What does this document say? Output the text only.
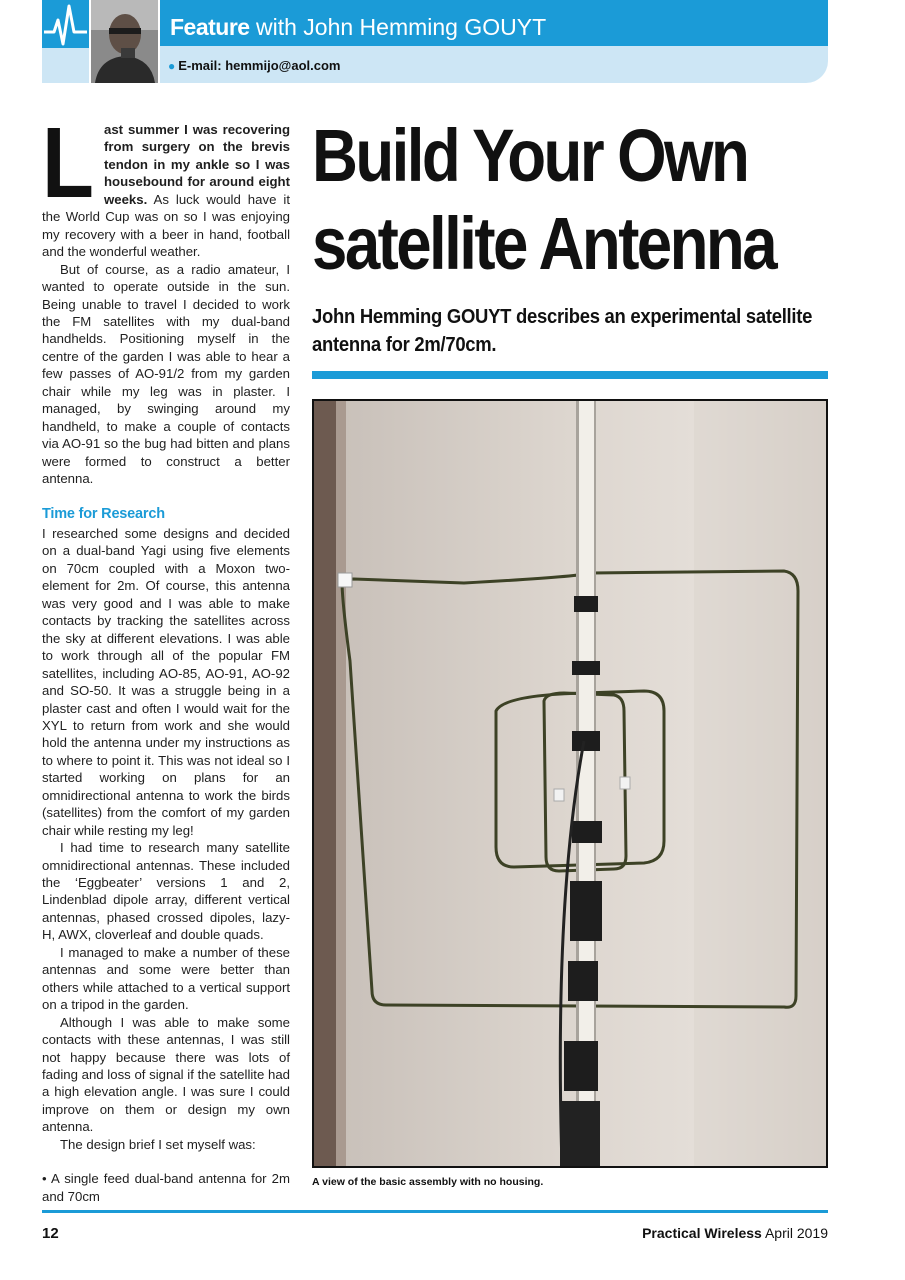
Feature with John Hemming GOUYT
● E-mail: hemmijo@aol.com

Last summer I was recovering from surgery on the brevis tendon in my ankle so I was housebound for around eight weeks. As luck would have it the World Cup was on so I was enjoying my recovery with a beer in hand, football and the wonderful weather.

But of course, as a radio amateur, I wanted to operate outside in the sun. Being unable to travel I decided to work the FM satellites with my dual-band handhelds. Positioning myself in the centre of the garden I was able to hear a few passes of AO-91/2 from my garden chair while my leg was in plaster. I managed, by swinging around my handheld, to make a couple of contacts via AO-91 so the bug had bitten and plans were formed to construct a better antenna.

Time for Research

I researched some designs and decided on a dual-band Yagi using five elements on 70cm coupled with a Moxon two-element for 2m. Of course, this antenna was very good and I was able to make contacts by tracking the satellites across the sky at different elevations. I was able to work through all of the popular FM satellites, including AO-85, AO-91, AO-92 and SO-50. It was a struggle being in a plaster cast and often I would wait for the XYL to return from work and she would hold the antenna under my instructions as to where to point it. This was not ideal so I started working on plans for an omnidirectional antenna to work the birds (satellites) from the comfort of my garden chair while resting my leg!

I had time to research many satellite omnidirectional antennas. These included the ‘Eggbeater’ versions 1 and 2, Lindenblad dipole array, different vertical antennas, phased crossed dipoles, lazy-H, AWX, cloverleaf and double quads.

I managed to make a number of these antennas and some were better than others while attached to a vertical support on a tripod in the garden.

Although I was able to make some contacts with these antennas, I was still not happy because there was lots of fading and loss of signal if the satellite had a high elevation angle. I was sure I could improve on them or design my own antenna.

The design brief I set myself was:

• A single feed dual-band antenna for 2m and 70cm

Build Your Own
satellite Antenna
John Hemming GOUYT describes an experimental satellite antenna for 2m/70cm.
A view of the basic assembly with no housing.
12	Practical Wireless April 2019
